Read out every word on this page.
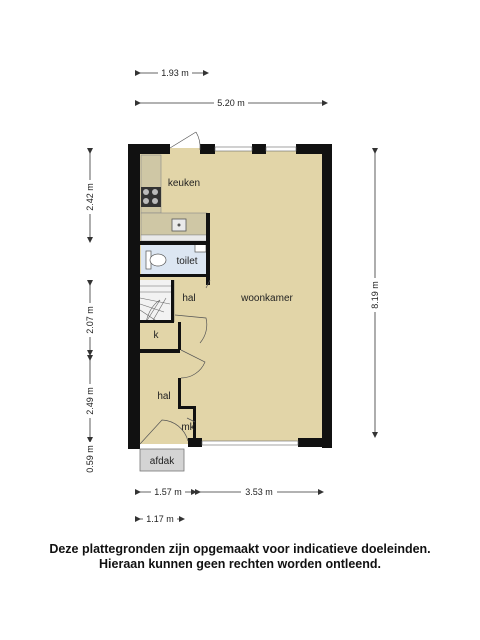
1.93 m
5.20 m
2.42 m
2.07 m
2.49 m
0.59 m
8.19 m
1.57 m	3.53 m
1.17 m
keuken
toilet
hal	woonkamer
k
hal
mk
afdak
Deze plattegronden zijn opgemaakt voor indicatieve doeleinden.
Hieraan kunnen geen rechten worden ontleend.
